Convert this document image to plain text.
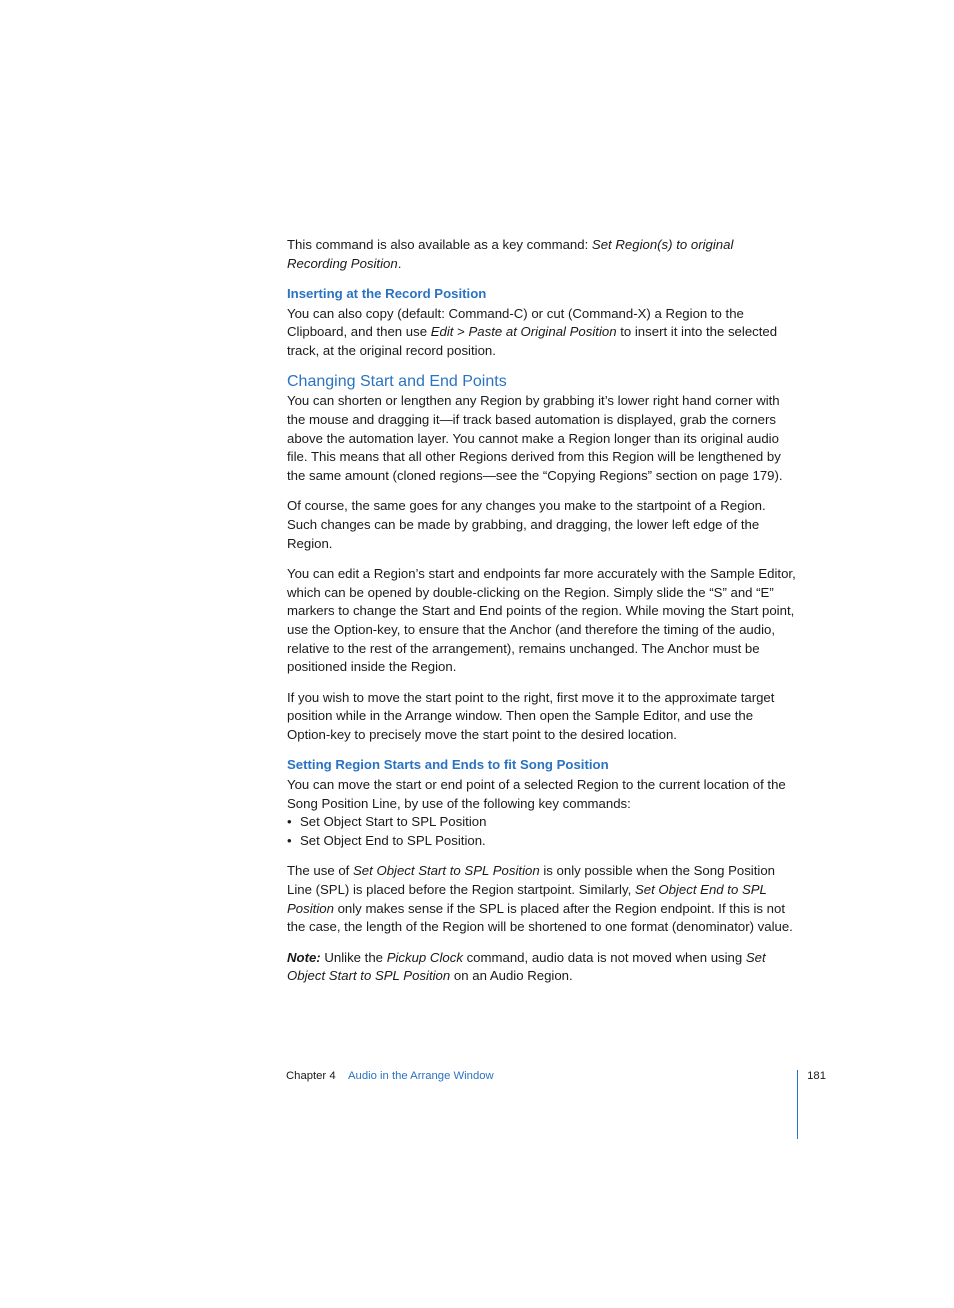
This command is also available as a key command: Set Region(s) to original Recording Position.

Inserting at the Record Position

You can also copy (default: Command-C) or cut (Command-X) a Region to the Clipboard, and then use Edit > Paste at Original Position to insert it into the selected track, at the original record position.

Changing Start and End Points

You can shorten or lengthen any Region by grabbing it’s lower right hand corner with the mouse and dragging it—if track based automation is displayed, grab the corners above the automation layer. You cannot make a Region longer than its original audio file. This means that all other Regions derived from this Region will be lengthened by the same amount (cloned regions—see the “Copying Regions” section on page 179).

Of course, the same goes for any changes you make to the startpoint of a Region. Such changes can be made by grabbing, and dragging, the lower left edge of the Region.

You can edit a Region’s start and endpoints far more accurately with the Sample Editor, which can be opened by double-clicking on the Region. Simply slide the “S” and “E” markers to change the Start and End points of the region. While moving the Start point, use the Option-key, to ensure that the Anchor (and therefore the timing of the audio, relative to the rest of the arrangement), remains unchanged. The Anchor must be positioned inside the Region.

If you wish to move the start point to the right, first move it to the approximate target position while in the Arrange window. Then open the Sample Editor, and use the Option-key to precisely move the start point to the desired location.

Setting Region Starts and Ends to fit Song Position

You can move the start or end point of a selected Region to the current location of the Song Position Line, by use of the following key commands:

• Set Object Start to SPL Position
• Set Object End to SPL Position.

The use of Set Object Start to SPL Position is only possible when the Song Position Line (SPL) is placed before the Region startpoint. Similarly, Set Object End to SPL Position only makes sense if the SPL is placed after the Region endpoint. If this is not the case, the length of the Region will be shortened to one format (denominator) value.

Note: Unlike the Pickup Clock command, audio data is not moved when using Set Object Start to SPL Position on an Audio Region.

Chapter 4 Audio in the Arrange Window	181
